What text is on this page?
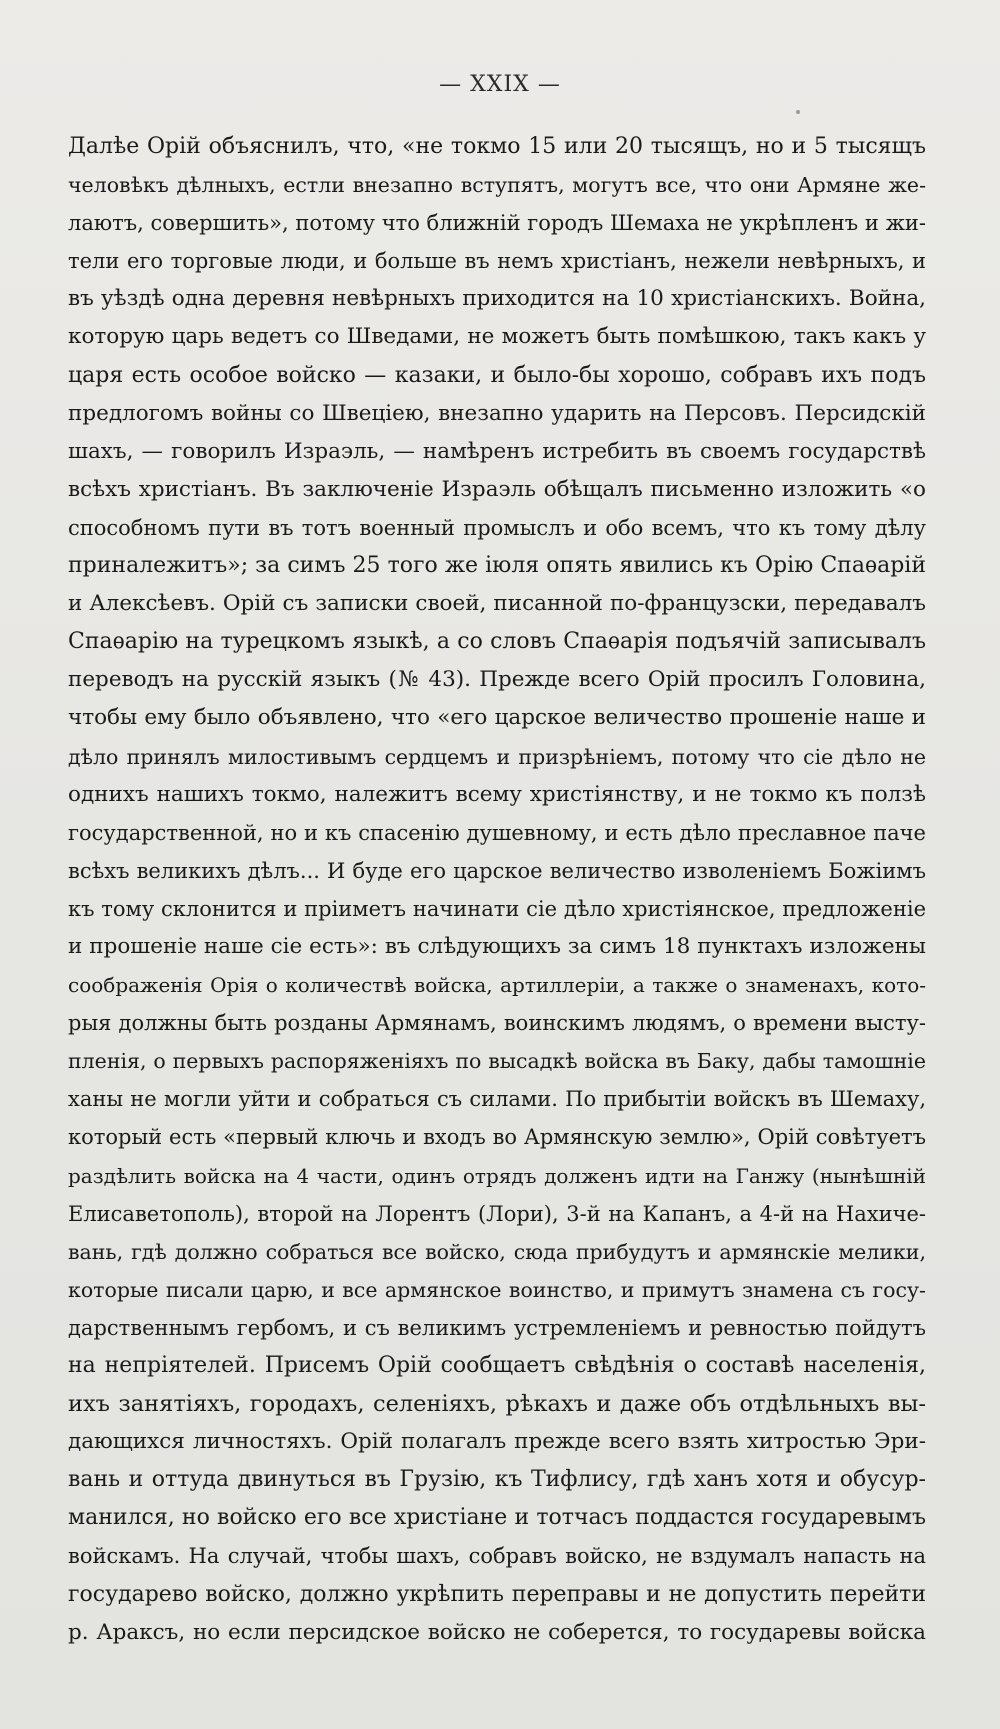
— XXIX —
Далѣе Орій объяснилъ, что, «не токмо 15 или 20 тысящъ, но и 5 тысящъ
человѣкъ дѣлныхъ, естли внезапно вступятъ, могутъ все, что они Армяне же-
лаютъ, совершить», потому что ближній городъ Шемаха не укрѣпленъ и жи-
тели его торговые люди, и больше въ немъ христіанъ, нежели невѣрныхъ, и
въ уѣздѣ одна деревня невѣрныхъ приходится на 10 христіанскихъ. Война,
которую царь ведетъ со Шведами, не можетъ быть помѣшкою, такъ какъ у
царя есть особое войско — казаки, и было-бы хорошо, собравъ ихъ подъ
предлогомъ войны со Швеціею, внезапно ударить на Персовъ. Персидскій
шахъ, — говорилъ Израэль, — намѣренъ истребить въ своемъ государствѣ
всѣхъ христіанъ. Въ заключеніе Израэль обѣщалъ письменно изложить «о
способномъ пути въ тотъ военный промыслъ и обо всемъ, что къ тому дѣлу
приналежитъ»; за симъ 25 того же іюля опять явились къ Орію Спаѳарій
и Алексѣевъ. Орій съ записки своей, писанной по-французски, передавалъ
Спаѳарію на турецкомъ языкѣ, а со словъ Спаѳарія подъячій записывалъ
переводъ на русскій языкъ (№ 43). Прежде всего Орій просилъ Головина,
чтобы ему было объявлено, что «его царское величество прошеніе наше и
дѣло принялъ милостивымъ сердцемъ и призрѣніемъ, потому что сіе дѣло не
однихъ нашихъ токмо, належитъ всему христіянству, и не токмо къ ползѣ
государственной, но и къ спасенію душевному, и есть дѣло преславное паче
всѣхъ великихъ дѣлъ... И буде его царское величество изволеніемъ Божіимъ
къ тому склонится и пріиметъ начинати сіе дѣло христіянское, предложеніе
и прошеніе наше сіе есть»: въ слѣдующихъ за симъ 18 пунктахъ изложены
соображенія Орія о количествѣ войска, артиллеріи, а также о знаменахъ, кото-
рыя должны быть розданы Армянамъ, воинскимъ людямъ, о времени высту-
пленія, о первыхъ распоряженіяхъ по высадкѣ войска въ Баку, дабы тамошніе
ханы не могли уйти и собраться съ силами. По прибытіи войскъ въ Шемаху,
который есть «первый ключь и входъ во Армянскую землю», Орій совѣтуетъ
раздѣлить войска на 4 части, одинъ отрядъ долженъ идти на Ганжу (нынѣшній
Елисаветополь), второй на Лорентъ (Лори), 3-й на Капанъ, а 4-й на Нахиче-
вань, гдѣ должно собраться все войско, сюда прибудутъ и армянскіе мелики,
которые писали царю, и все армянское воинство, и примутъ знамена съ госу-
дарственнымъ гербомъ, и съ великимъ устремленіемъ и ревностью пойдутъ
на непріятелей. Присемъ Орій сообщаетъ свѣдѣнія о составѣ населенія,
ихъ занятіяхъ, городахъ, селеніяхъ, рѣкахъ и даже объ отдѣльныхъ вы-
дающихся личностяхъ. Орій полагалъ прежде всего взять хитростью Эри-
вань и оттуда двинуться въ Грузію, къ Тифлису, гдѣ ханъ хотя и обусур-
манился, но войско его все христіане и тотчасъ поддастся государевымъ
войскамъ. На случай, чтобы шахъ, собравъ войско, не вздумалъ напасть на
государево войско, должно укрѣпить переправы и не допустить перейти
р. Араксъ, но если персидское войско не соберется, то государевы войска
